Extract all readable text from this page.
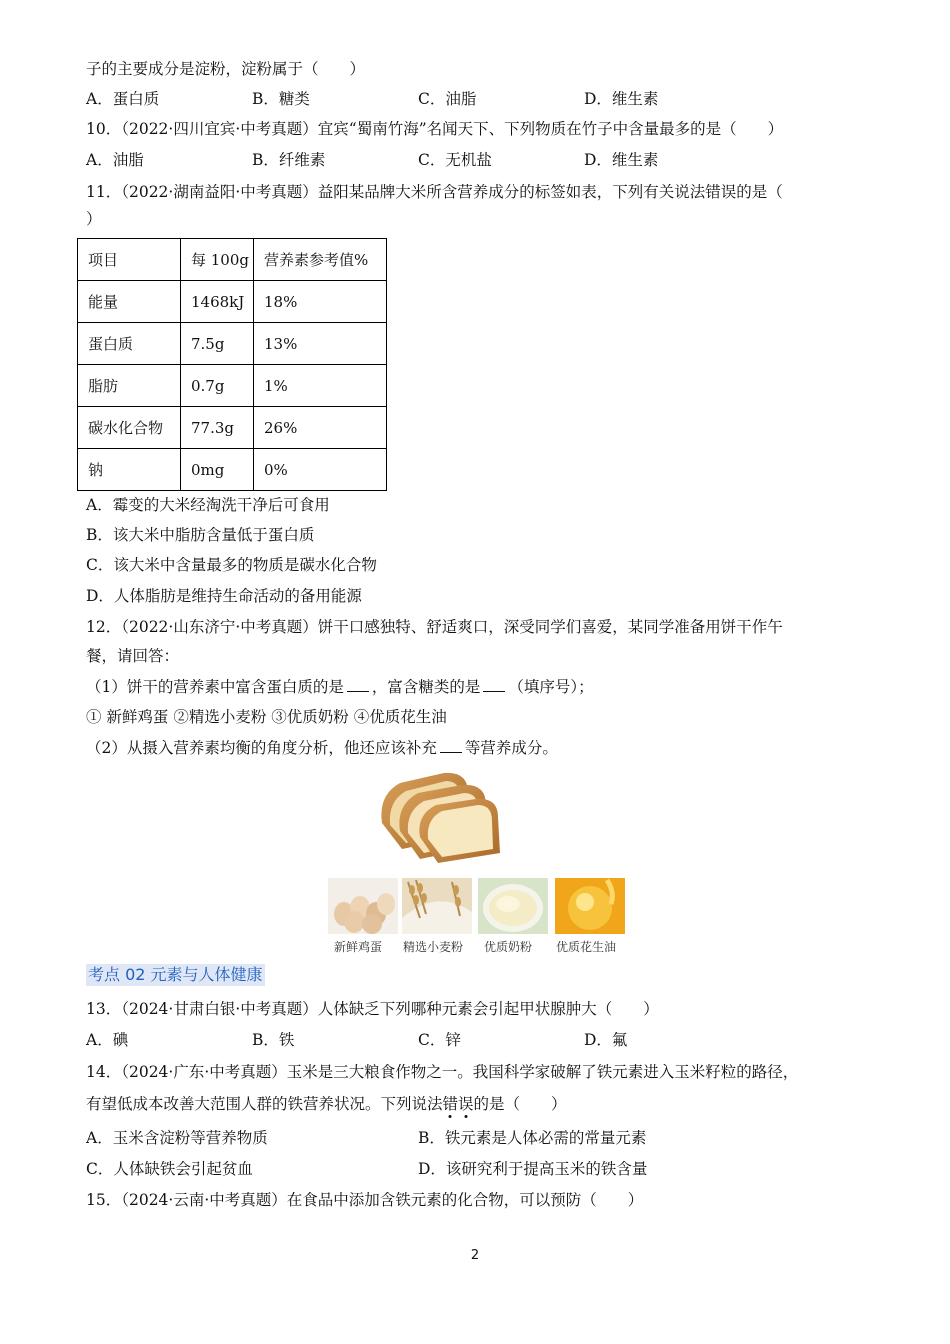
子的主要成分是淀粉，淀粉属于（　　）
A．蛋白质	B．糖类	C．油脂	D．维生素
10．（2022·四川宜宾·中考真题）宜宾“蜀南竹海”名闻天下、下列物质在竹子中含量最多的是（　　）
A．油脂	B．纤维素	C．无机盐	D．维生素
11．（2022·湖南益阳·中考真题）益阳某品牌大米所含营养成分的标签如表，下列有关说法错误的是（
）
项目	每 100g	营养素参考值%
能量	1468kJ	18%
蛋白质	7.5g	13%
脂肪	0.7g	1%
碳水化合物	77.3g	26%
钠	0mg	0%
A．霉变的大米经淘洗干净后可食用
B．该大米中脂肪含量低于蛋白质
C．该大米中含量最多的物质是碳水化合物
D．人体脂肪是维持生命活动的备用能源
12．（2022·山东济宁·中考真题）饼干口感独特、舒适爽口，深受同学们喜爱，某同学准备用饼干作午
餐，请回答：
（1）饼干的营养素中富含蛋白质的是 ，富含糖类的是 （填序号）；
① 新鲜鸡蛋 ②精选小麦粉 ③优质奶粉 ④优质花生油
（2）从摄入营养素均衡的角度分析，他还应该补充 等营养成分。
新鲜鸡蛋 精选小麦粉 优质奶粉 优质花生油
考点 02 元素与人体健康
13．（2024·甘肃白银·中考真题）人体缺乏下列哪种元素会引起甲状腺肿大（　　）
A．碘	B．铁	C．锌	D．氟
14．（2024·广东·中考真题）玉米是三大粮食作物之一。我国科学家破解了铁元素进入玉米籽粒的路径，
有望低成本改善大范围人群的铁营养状况。下列说法错误的是（　　）
A．玉米含淀粉等营养物质	B．铁元素是人体必需的常量元素
C．人体缺铁会引起贫血	D．该研究利于提高玉米的铁含量
15．（2024·云南·中考真题）在食品中添加含铁元素的化合物，可以预防（　　）
2
